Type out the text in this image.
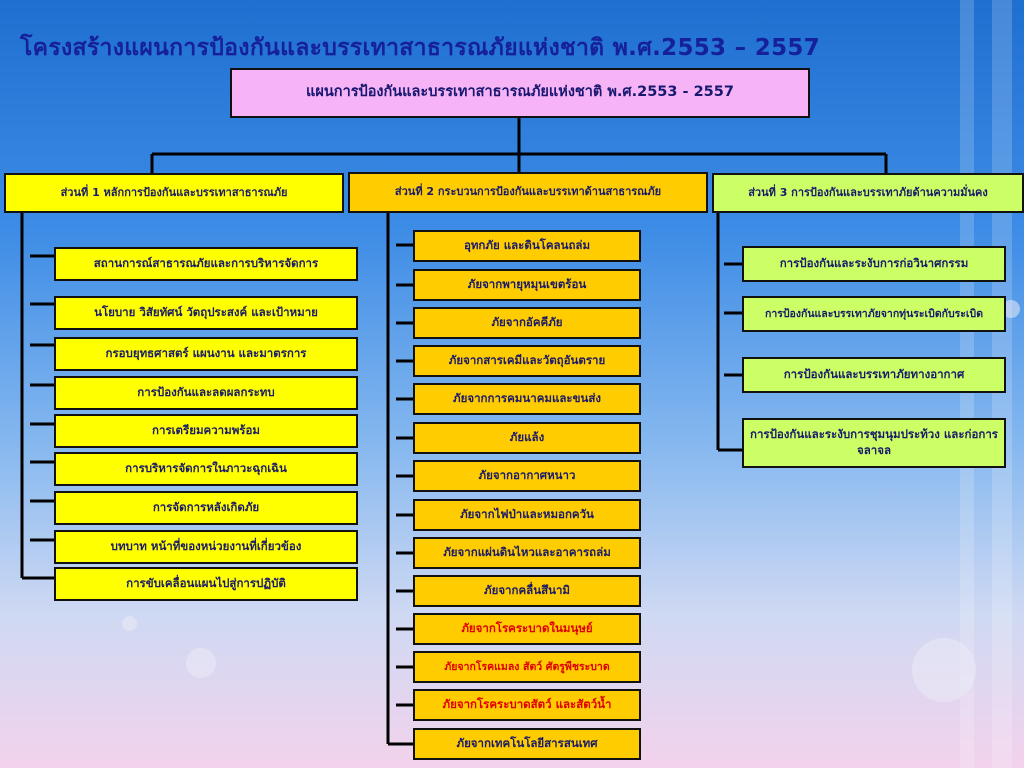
โครงสร้างแผนการป้องกันและบรรเทาสาธารณภัยแห่งชาติ พ.ศ.2553 – 2557
แผนการป้องกันและบรรเทาสาธารณภัยแห่งชาติ พ.ศ.2553 - 2557
ส่วนที่ 1 หลักการป้องกันและบรรเทาสาธารณภัย	ส่วนที่ 2 กระบวนการป้องกันและบรรเทาด้านสาธารณภัย	ส่วนที่ 3 การป้องกันและบรรเทาภัยด้านความมั่นคง
สถานการณ์สาธารณภัยและการบริหารจัดการ
นโยบาย วิสัยทัศน์ วัตถุประสงค์ และเป้าหมาย
กรอบยุทธศาสตร์ แผนงาน และมาตรการ
การป้องกันและลดผลกระทบ
การเตรียมความพร้อม
การบริหารจัดการในภาวะฉุกเฉิน
การจัดการหลังเกิดภัย
บทบาท หน้าที่ของหน่วยงานที่เกี่ยวข้อง
การขับเคลื่อนแผนไปสู่การปฏิบัติ
อุทกภัย และดินโคลนถล่ม
ภัยจากพายุหมุนเขตร้อน
ภัยจากอัคคีภัย
ภัยจากสารเคมีและวัตถุอันตราย
ภัยจากการคมนาคมและขนส่ง
ภัยแล้ง
ภัยจากอากาศหนาว
ภัยจากไฟป่าและหมอกควัน
ภัยจากแผ่นดินไหวและอาคารถล่ม
ภัยจากคลื่นสึนามิ
ภัยจากโรคระบาดในมนุษย์
ภัยจากโรคแมลง สัตว์ ศัตรูพืชระบาด
ภัยจากโรคระบาดสัตว์ และสัตว์น้ำ
ภัยจากเทคโนโลยีสารสนเทศ
การป้องกันและระงับการก่อวินาศกรรม
การป้องกันและบรรเทาภัยจากทุ่นระเบิดกับระเบิด
การป้องกันและบรรเทาภัยทางอากาศ
การป้องกันและระงับการชุมนุมประท้วง และก่อการจลาจล
